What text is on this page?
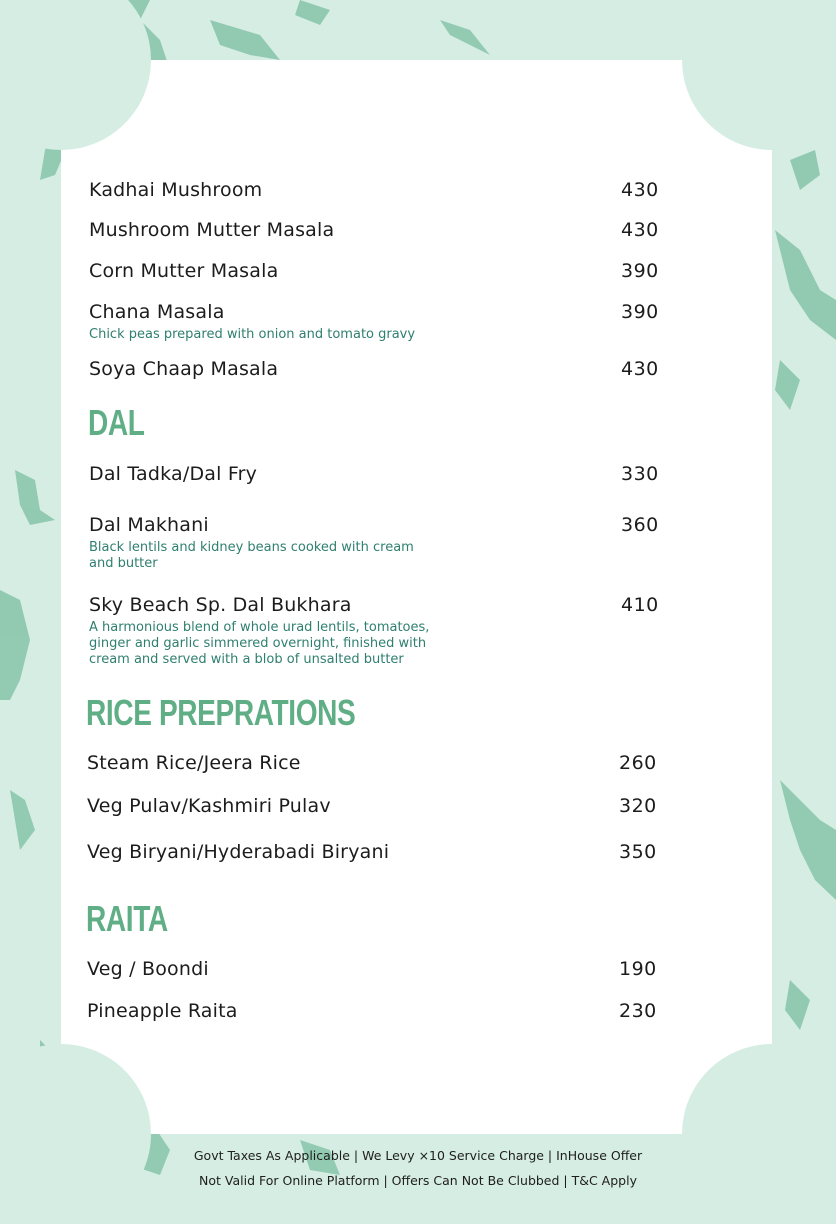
Kadhai Mushroom	430
Mushroom Mutter Masala	430
Corn Mutter Masala	390
Chana Masala	390
Chick peas prepared with onion and tomato gravy
Soya Chaap Masala	430
DAL
Dal Tadka/Dal Fry	330
Dal Makhani	360
Black lentils and kidney beans cooked with cream and butter
Sky Beach Sp. Dal Bukhara	410
A harmonious blend of whole urad lentils, tomatoes, ginger and garlic simmered overnight, finished with cream and served with a blob of unsalted butter
RICE PREPRATIONS
Steam Rice/Jeera Rice	260
Veg Pulav/Kashmiri Pulav	320
Veg Biryani/Hyderabadi Biryani	350
RAITA
Veg / Boondi	190
Pineapple Raita	230
Govt Taxes As Applicable | We Levy ×10 Service Charge | InHouse Offer
Not Valid For Online Platform | Offers Can Not Be Clubbed | T&C Apply
